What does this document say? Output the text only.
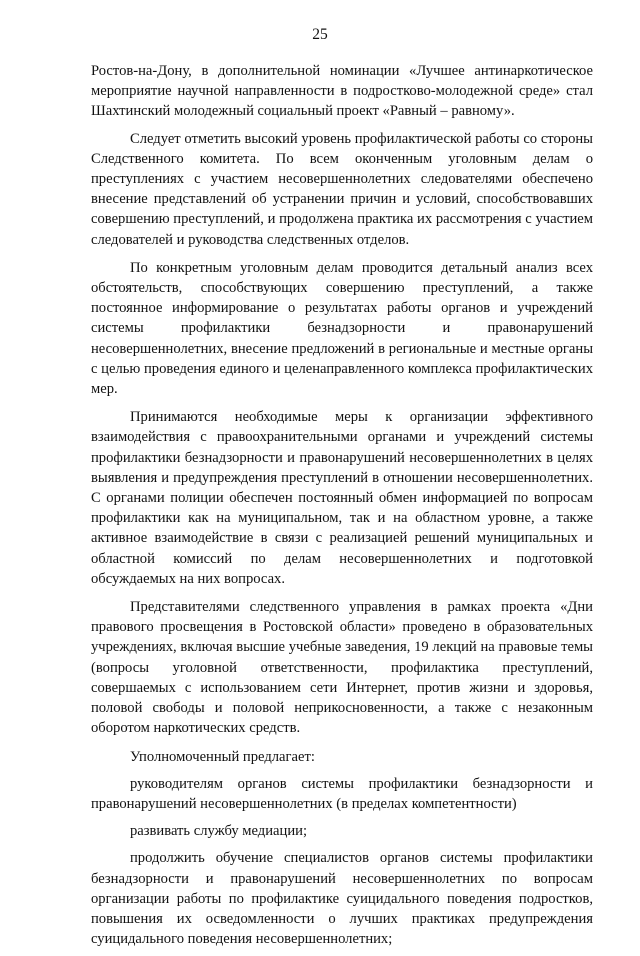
25

Ростов-на-Дону, в дополнительной номинации «Лучшее антинаркотическое мероприятие научной направленности в подростково-молодежной среде» стал Шахтинский молодежный социальный проект «Равный – равному».

Следует отметить высокий уровень профилактической работы со стороны Следственного комитета. По всем оконченным уголовным делам о преступлениях с участием несовершеннолетних следователями обеспечено внесение представлений об устранении причин и условий, способствовавших совершению преступлений, и продолжена практика их рассмотрения с участием следователей и руководства следственных отделов.

По конкретным уголовным делам проводится детальный анализ всех обстоятельств, способствующих совершению преступлений, а также постоянное информирование о результатах работы органов и учреждений системы профилактики безнадзорности и правонарушений несовершеннолетних, внесение предложений в региональные и местные органы с целью проведения единого и целенаправленного комплекса профилактических мер.

Принимаются необходимые меры к организации эффективного взаимодействия с правоохранительными органами и учреждений системы профилактики безнадзорности и правонарушений несовершеннолетних в целях выявления и предупреждения преступлений в отношении несовершеннолетних. С органами полиции обеспечен постоянный обмен информацией по вопросам профилактики как на муниципальном, так и на областном уровне, а также активное взаимодействие в связи с реализацией решений муниципальных и областной комиссий по делам несовершеннолетних и подготовкой обсуждаемых на них вопросах.

Представителями следственного управления в рамках проекта «Дни правового просвещения в Ростовской области» проведено в образовательных учреждениях, включая высшие учебные заведения, 19 лекций на правовые темы (вопросы уголовной ответственности, профилактика преступлений, совершаемых с использованием сети Интернет, против жизни и здоровья, половой свободы и половой неприкосновенности, а также с незаконным оборотом наркотических средств.

Уполномоченный предлагает:

руководителям органов системы профилактики безнадзорности и правонарушений несовершеннолетних (в пределах компетентности)

развивать службу медиации;

продолжить обучение специалистов органов системы профилактики безнадзорности и правонарушений несовершеннолетних по вопросам организации работы по профилактике суицидального поведения подростков, повышения их осведомленности о лучших практиках предупреждения суицидального поведения несовершеннолетних;
